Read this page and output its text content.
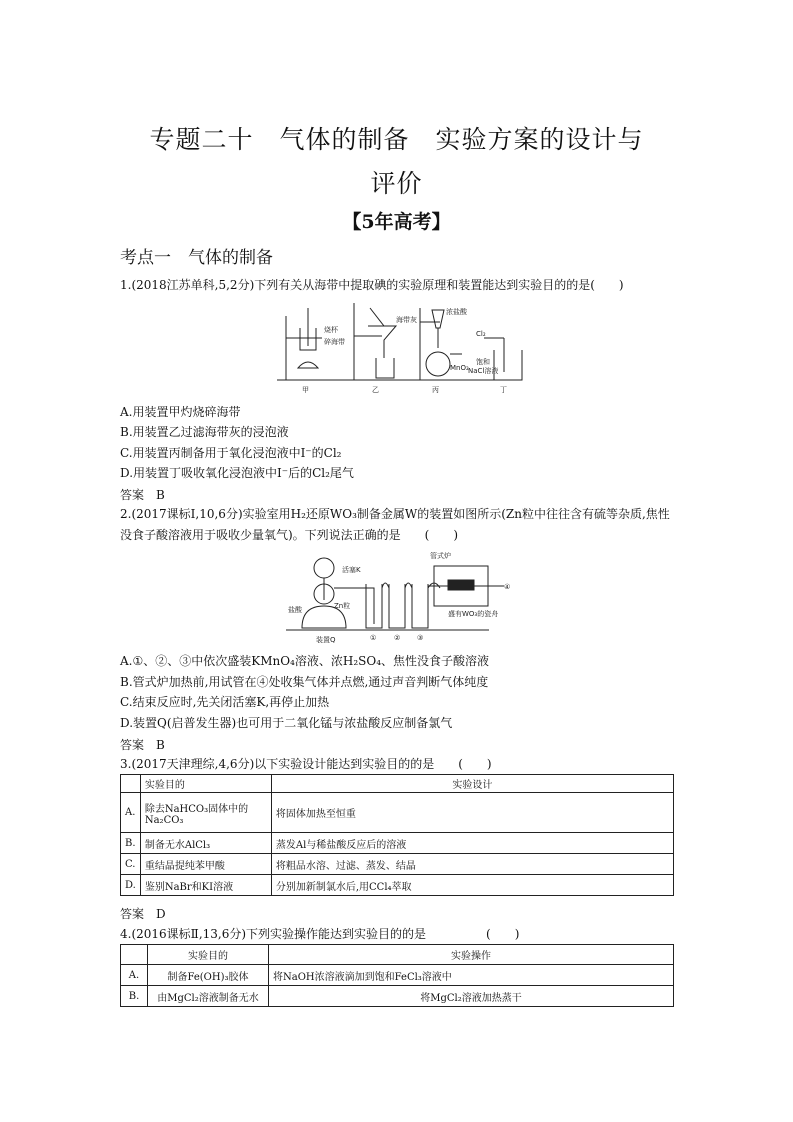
专题二十　气体的制备　实验方案的设计与
评价
【5年高考】
考点一　气体的制备
1.(2018江苏单科,5,2分)下列有关从海带中提取碘的实验原理和装置能达到实验目的的是(　　)
烧杯
碎海带
海带灰
浓盐酸
MnO₂
Cl₂
饱和
NaCl溶液
甲	乙	丙	丁
A.用装置甲灼烧碎海带
B.用装置乙过滤海带灰的浸泡液
C.用装置丙制备用于氧化浸泡液中I⁻的Cl₂
D.用装置丁吸收氧化浸泡液中I⁻后的Cl₂尾气
答案　B
2.(2017课标Ⅰ,10,6分)实验室用H₂还原WO₃制备金属W的装置如图所示(Zn粒中往往含有硫等杂质,焦性
没食子酸溶液用于吸收少量氧气)。下列说法正确的是　　(　　)
管式炉
活塞K
Zn粒
盐酸
装置Q	①	② ③
④
盛有WO₃的瓷舟
A.①、②、③中依次盛装KMnO₄溶液、浓H₂SO₄、焦性没食子酸溶液
B.管式炉加热前,用试管在④处收集气体并点燃,通过声音判断气体纯度
C.结束反应时,先关闭活塞K,再停止加热
D.装置Q(启普发生器)也可用于二氧化锰与浓盐酸反应制备氯气
答案　B
3.(2017天津理综,4,6分)以下实验设计能达到实验目的的是　　(　　)
	实验目的	实验设计
A.	除去NaHCO₃固体中的
Na₂CO₃	将固体加热至恒重
B.	制备无水AlCl₃	蒸发Al与稀盐酸反应后的溶液
C.	重结晶提纯苯甲酸	将粗品水溶、过滤、蒸发、结晶
D.	鉴别NaBr和KI溶液	分别加新制氯水后,用CCl₄萃取
答案　D
4.(2016课标Ⅱ,13,6分)下列实验操作能达到实验目的的是　　　　　(　　)
	实验目的	实验操作
A.	制备Fe(OH)₃胶体	将NaOH浓溶液滴加到饱和FeCl₃溶液中
B.	由MgCl₂溶液制备无水	将MgCl₂溶液加热蒸干
